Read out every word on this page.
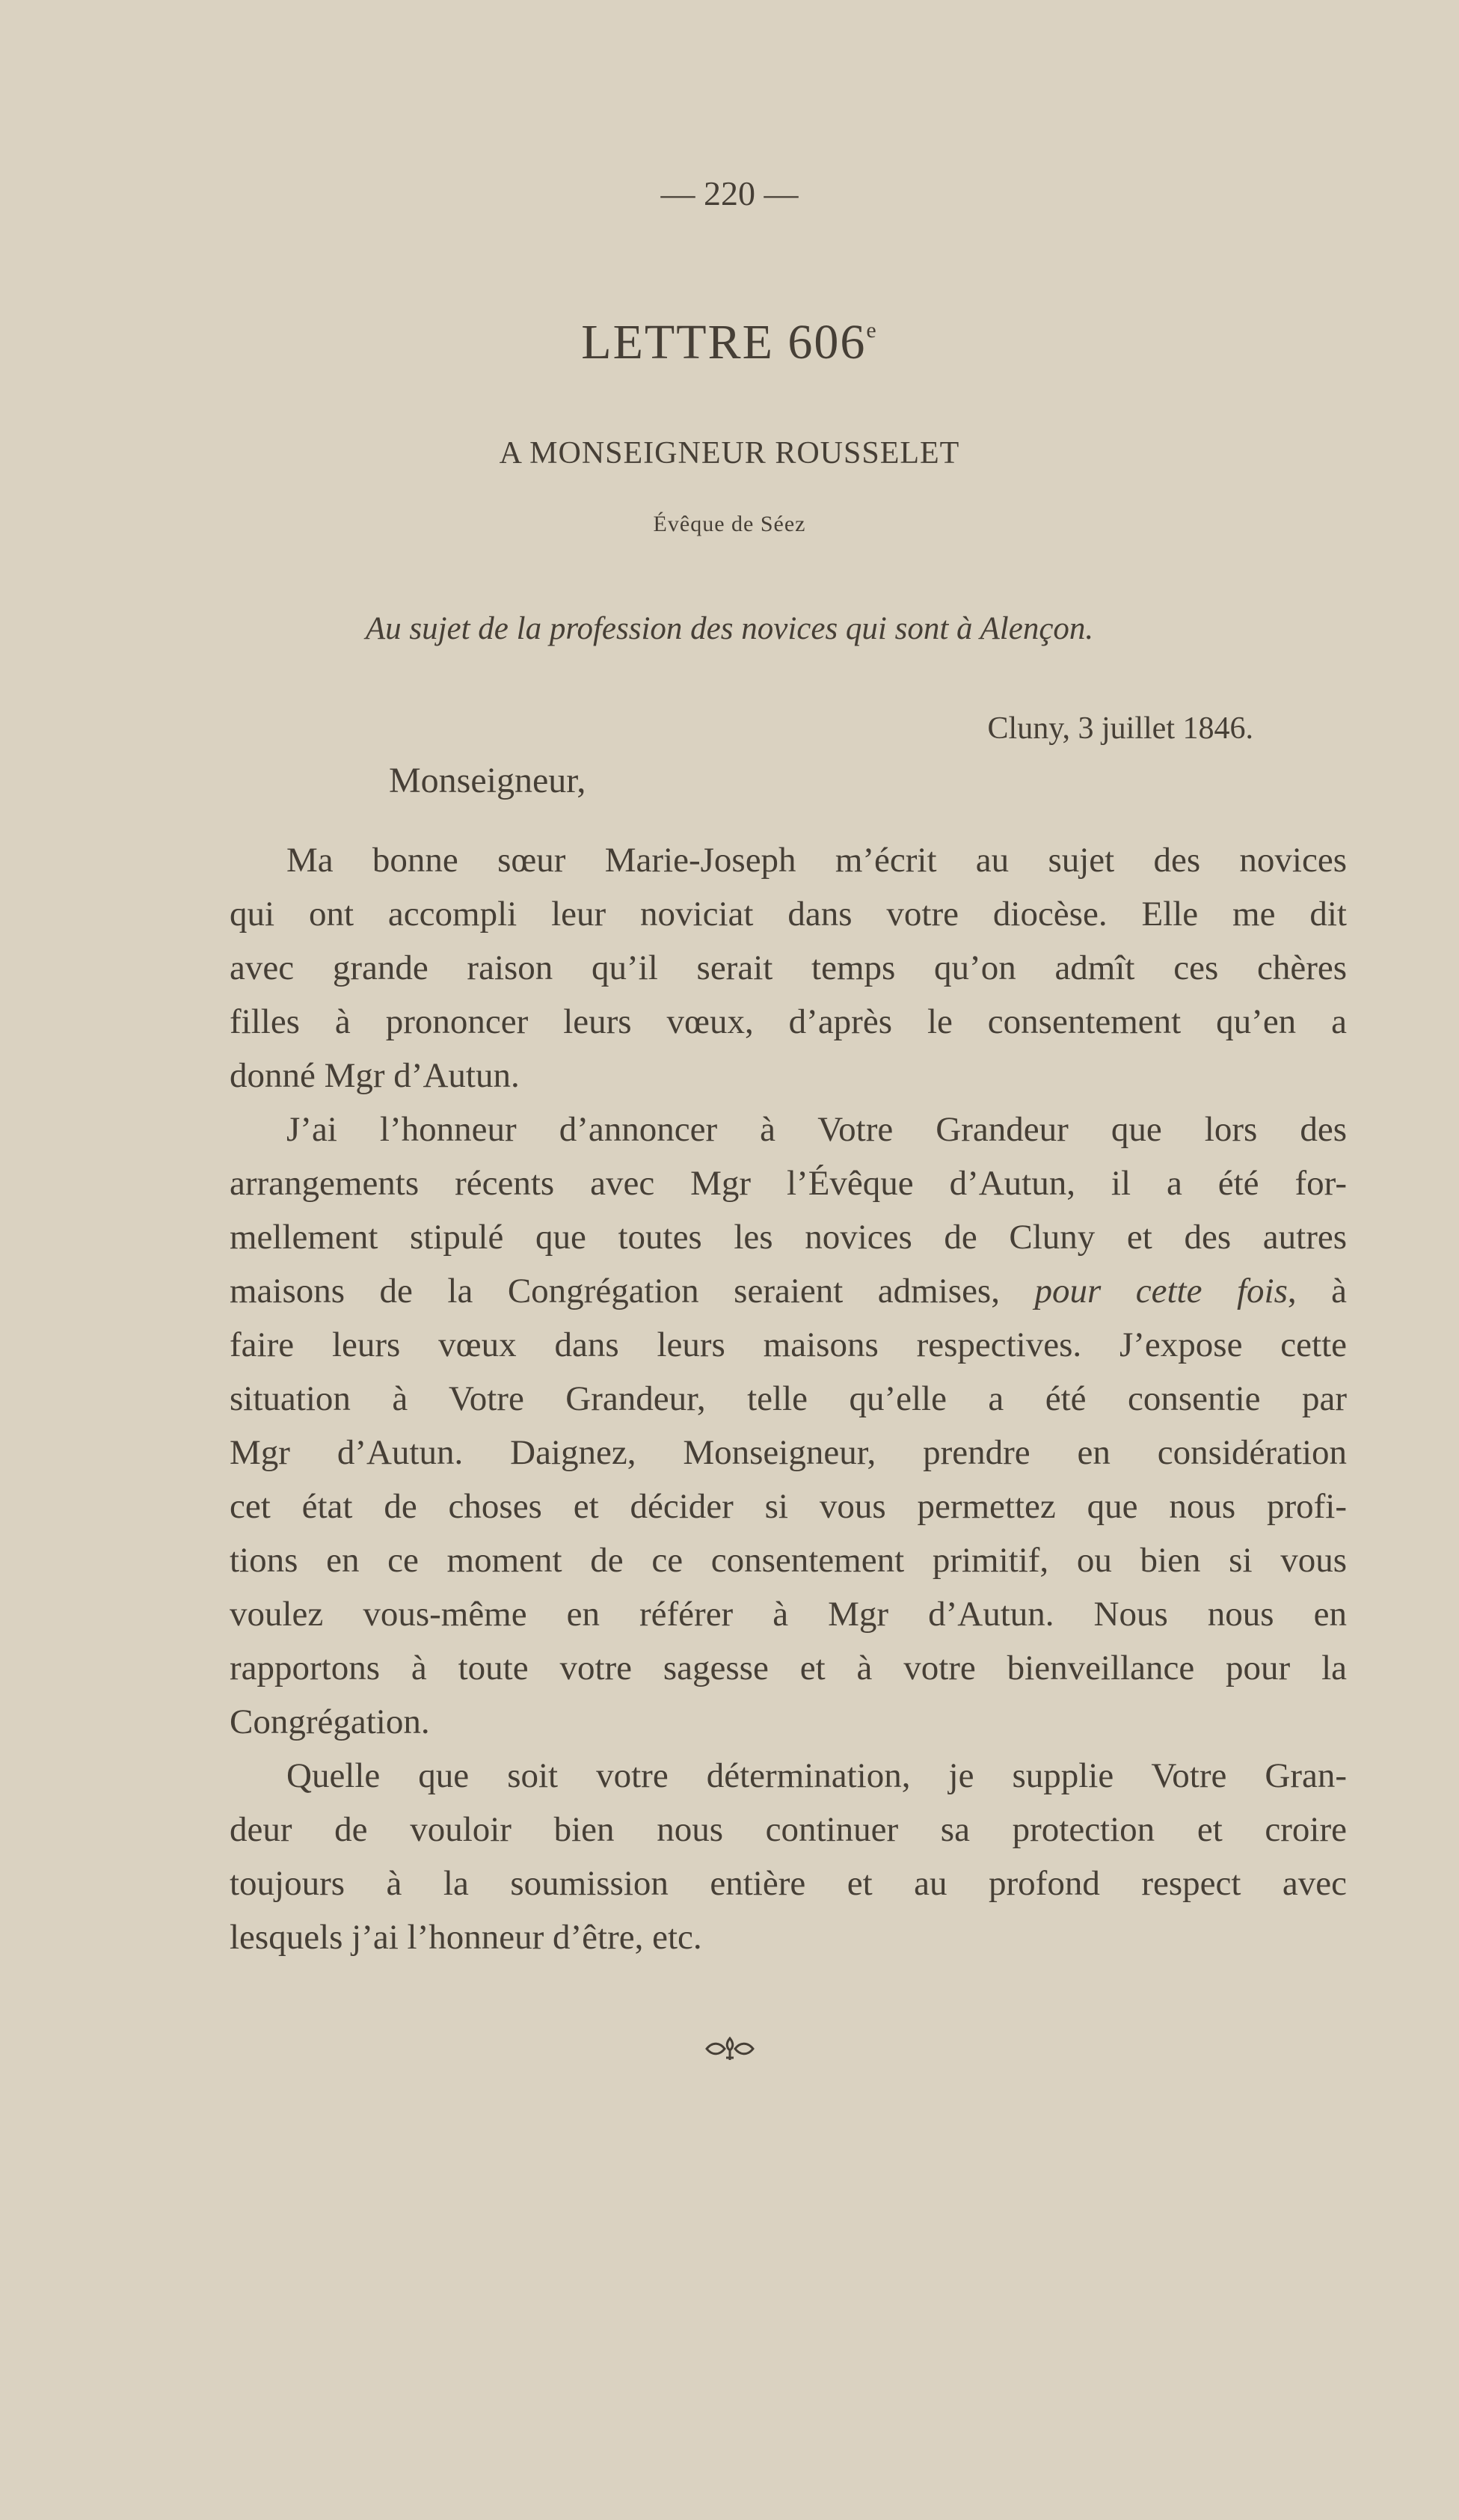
— 220 —
LETTRE 606e
A MONSEIGNEUR ROUSSELET
Évêque de Séez
Au sujet de la profession des novices qui sont à Alençon.
Cluny, 3 juillet 1846.
Monseigneur,
Ma bonne sœur Marie-Joseph m’écrit au sujet des novices
qui ont accompli leur noviciat dans votre diocèse. Elle me dit
avec grande raison qu’il serait temps qu’on admît ces chères
filles à prononcer leurs vœux, d’après le consentement qu’en a
donné Mgr d’Autun.
J’ai l’honneur d’annoncer à Votre Grandeur que lors des
arrangements récents avec Mgr l’Évêque d’Autun, il a été for-
mellement stipulé que toutes les novices de Cluny et des autres
maisons de la Congrégation seraient admises, pour cette fois, à
faire leurs vœux dans leurs maisons respectives. J’expose cette
situation à Votre Grandeur, telle qu’elle a été consentie par
Mgr d’Autun. Daignez, Monseigneur, prendre en considération
cet état de choses et décider si vous permettez que nous profi-
tions en ce moment de ce consentement primitif, ou bien si vous
voulez vous-même en référer à Mgr d’Autun. Nous nous en
rapportons à toute votre sagesse et à votre bienveillance pour la
Congrégation.
Quelle que soit votre détermination, je supplie Votre Gran-
deur de vouloir bien nous continuer sa protection et croire
toujours à la soumission entière et au profond respect avec
lesquels j’ai l’honneur d’être, etc.
